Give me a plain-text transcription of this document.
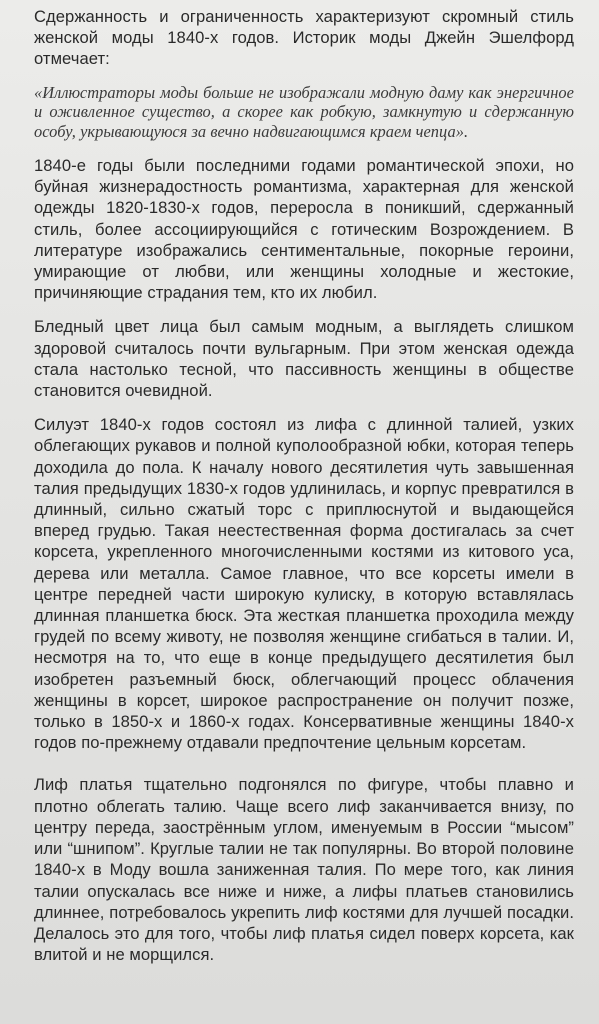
Сдержанность и ограниченность характеризуют скромный стиль женской моды 1840-х годов. Историк моды Джейн Эшелфорд отмечает:

«Иллюстраторы моды больше не изображали модную даму как энергичное и оживленное существо, а скорее как робкую, замкнутую и сдержанную особу, укрывающуюся за вечно надвигающимся краем чепца».

1840-е годы были последними годами романтической эпохи, но буйная жизнерадостность романтизма, характерная для женской одежды 1820-1830-х годов, переросла в поникший, сдержанный стиль, более ассоциирующийся с готическим Возрождением. В литературе изображались сентиментальные, покорные героини, умирающие от любви, или женщины холодные и жестокие, причиняющие страдания тем, кто их любил.

Бледный цвет лица был самым модным, а выглядеть слишком здоровой считалось почти вульгарным. При этом женская одежда стала настолько тесной, что пассивность женщины в обществе становится очевидной.

Силуэт 1840-х годов состоял из лифа с длинной талией, узких облегающих рукавов и полной куполообразной юбки, которая теперь доходила до пола. К началу нового десятилетия чуть завышенная талия предыдущих 1830-х годов удлинилась, и корпус превратился в длинный, сильно сжатый торс с приплюснутой и выдающейся вперед грудью. Такая неестественная форма достигалась за счет корсета, укрепленного многочисленными костями из китового уса, дерева или металла. Самое главное, что все корсеты имели в центре передней части широкую кулиску, в которую вставлялась длинная планшетка бюск. Эта жесткая планшетка проходила между грудей по всему животу, не позволяя женщине сгибаться в талии. И, несмотря на то, что еще в конце предыдущего десятилетия был изобретен разъемный бюск, облегчающий процесс облачения женщины в корсет, широкое распространение он получит позже, только в 1850-х и 1860-х годах. Консервативные женщины 1840-х годов по-прежнему отдавали предпочтение цельным корсетам.

Лиф платья тщательно подгонялся по фигуре, чтобы плавно и плотно облегать талию. Чаще всего лиф заканчивается внизу, по центру переда, заострённым углом, именуемым в России “мысом” или “шнипом”. Круглые талии не так популярны. Во второй половине 1840-х в Моду вошла заниженная талия. По мере того, как линия талии опускалась все ниже и ниже, а лифы платьев становились длиннее, потребовалось укрепить лиф костями для лучшей посадки. Делалось это для того, чтобы лиф платья сидел поверх корсета, как влитой и не морщился.
